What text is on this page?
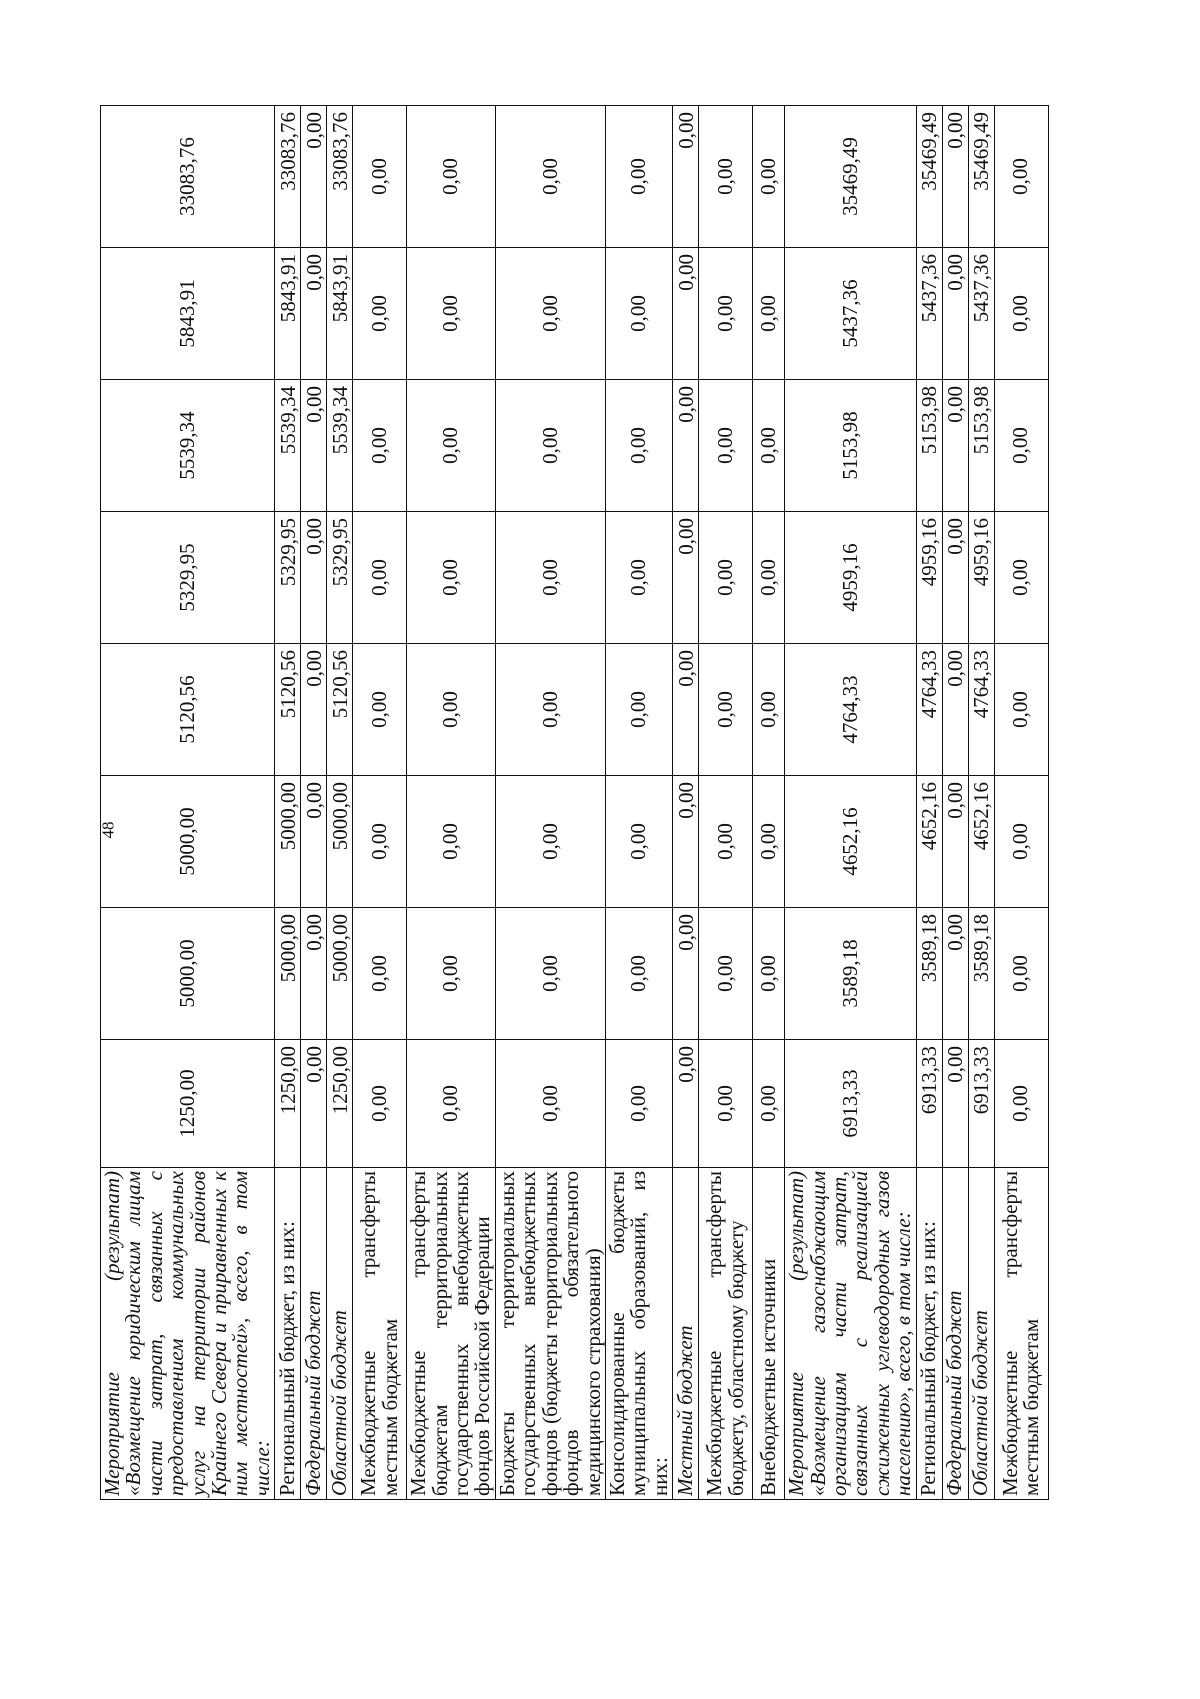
48
Мероприятие (результат) «Возмещение юридическим лицам части затрат, связанных с предоставлением коммунальных услуг на территории районов Крайнего Севера и приравненных к ним местностей», всего, в том числе:	1250,00	5000,00	5000,00	5120,56	5329,95	5539,34	5843,91	33083,76
Региональный бюджет, из них:	1250,00	5000,00	5000,00	5120,56	5329,95	5539,34	5843,91	33083,76
Федеральный бюджет	0,00	0,00	0,00	0,00	0,00	0,00	0,00	0,00
Областной бюджет	1250,00	5000,00	5000,00	5120,56	5329,95	5539,34	5843,91	33083,76
Межбюджетные трансферты местным бюджетам	0,00	0,00	0,00	0,00	0,00	0,00	0,00	0,00
Межбюджетные трансферты бюджетам территориальных государственных внебюджетных фондов Российской Федерации	0,00	0,00	0,00	0,00	0,00	0,00	0,00	0,00
Бюджеты территориальных государственных внебюджетных фондов (бюджеты территориальных фондов обязательного медицинского страхования)	0,00	0,00	0,00	0,00	0,00	0,00	0,00	0,00
Консолидированные бюджеты муниципальных образований, из них:	0,00	0,00	0,00	0,00	0,00	0,00	0,00	0,00
Местный бюджет	0,00	0,00	0,00	0,00	0,00	0,00	0,00	0,00
Межбюджетные трансферты бюджету, областному бюджету	0,00	0,00	0,00	0,00	0,00	0,00	0,00	0,00
Внебюджетные источники	0,00	0,00	0,00	0,00	0,00	0,00	0,00	0,00
Мероприятие (результат) «Возмещение газоснабжающим организациям части затрат, связанных с реализацией сжиженных углеводородных газов населению», всего, в том числе:	6913,33	3589,18	4652,16	4764,33	4959,16	5153,98	5437,36	35469,49
Региональный бюджет, из них:	6913,33	3589,18	4652,16	4764,33	4959,16	5153,98	5437,36	35469,49
Федеральный бюджет	0,00	0,00	0,00	0,00	0,00	0,00	0,00	0,00
Областной бюджет	6913,33	3589,18	4652,16	4764,33	4959,16	5153,98	5437,36	35469,49
Межбюджетные трансферты местным бюджетам	0,00	0,00	0,00	0,00	0,00	0,00	0,00	0,00
